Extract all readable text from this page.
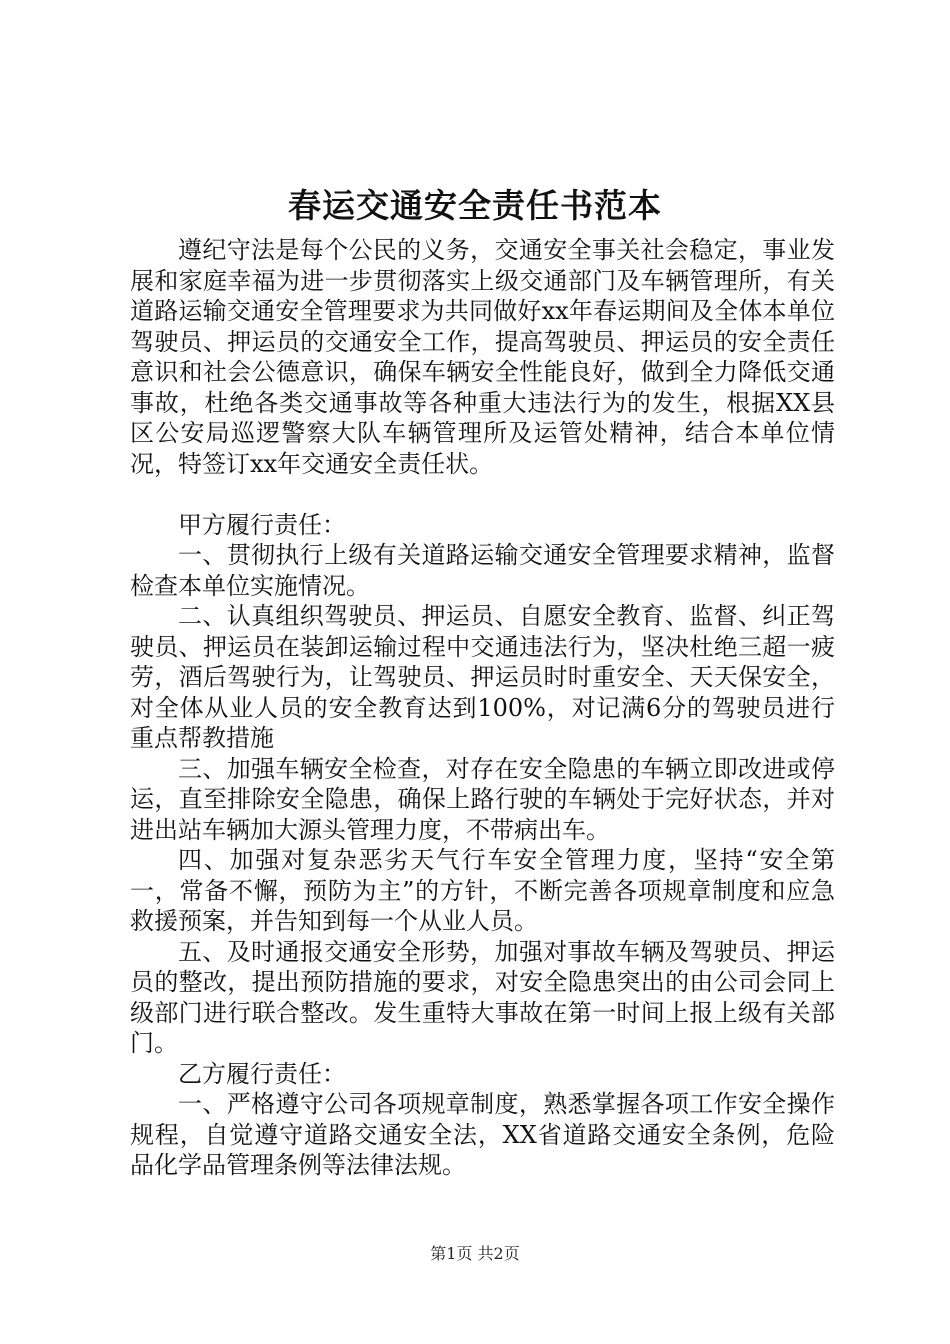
春运交通安全责任书范本

遵纪守法是每个公民的义务，交通安全事关社会稳定，事业发展和家庭幸福为进一步贯彻落实上级交通部门及车辆管理所，有关道路运输交通安全管理要求为共同做好xx年春运期间及全体本单位驾驶员、押运员的交通安全工作，提高驾驶员、押运员的安全责任意识和社会公德意识，确保车辆安全性能良好，做到全力降低交通事故，杜绝各类交通事故等各种重大违法行为的发生，根据XX县区公安局巡逻警察大队车辆管理所及运管处精神，结合本单位情况，特签订xx年交通安全责任状。

甲方履行责任：

一、贯彻执行上级有关道路运输交通安全管理要求精神，监督检查本单位实施情况。

二、认真组织驾驶员、押运员、自愿安全教育、监督、纠正驾驶员、押运员在装卸运输过程中交通违法行为，坚决杜绝三超一疲劳，酒后驾驶行为，让驾驶员、押运员时时重安全、天天保安全，对全体从业人员的安全教育达到100%，对记满6分的驾驶员进行重点帮教措施

三、加强车辆安全检查，对存在安全隐患的车辆立即改进或停运，直至排除安全隐患，确保上路行驶的车辆处于完好状态，并对进出站车辆加大源头管理力度，不带病出车。

四、加强对复杂恶劣天气行车安全管理力度，坚持“安全第一，常备不懈，预防为主”的方针，不断完善各项规章制度和应急救援预案，并告知到每一个从业人员。

五、及时通报交通安全形势，加强对事故车辆及驾驶员、押运员的整改，提出预防措施的要求，对安全隐患突出的由公司会同上级部门进行联合整改。发生重特大事故在第一时间上报上级有关部门。

乙方履行责任：

一、严格遵守公司各项规章制度，熟悉掌握各项工作安全操作规程，自觉遵守道路交通安全法，XX省道路交通安全条例，危险品化学品管理条例等法律法规。

第1页 共2页
